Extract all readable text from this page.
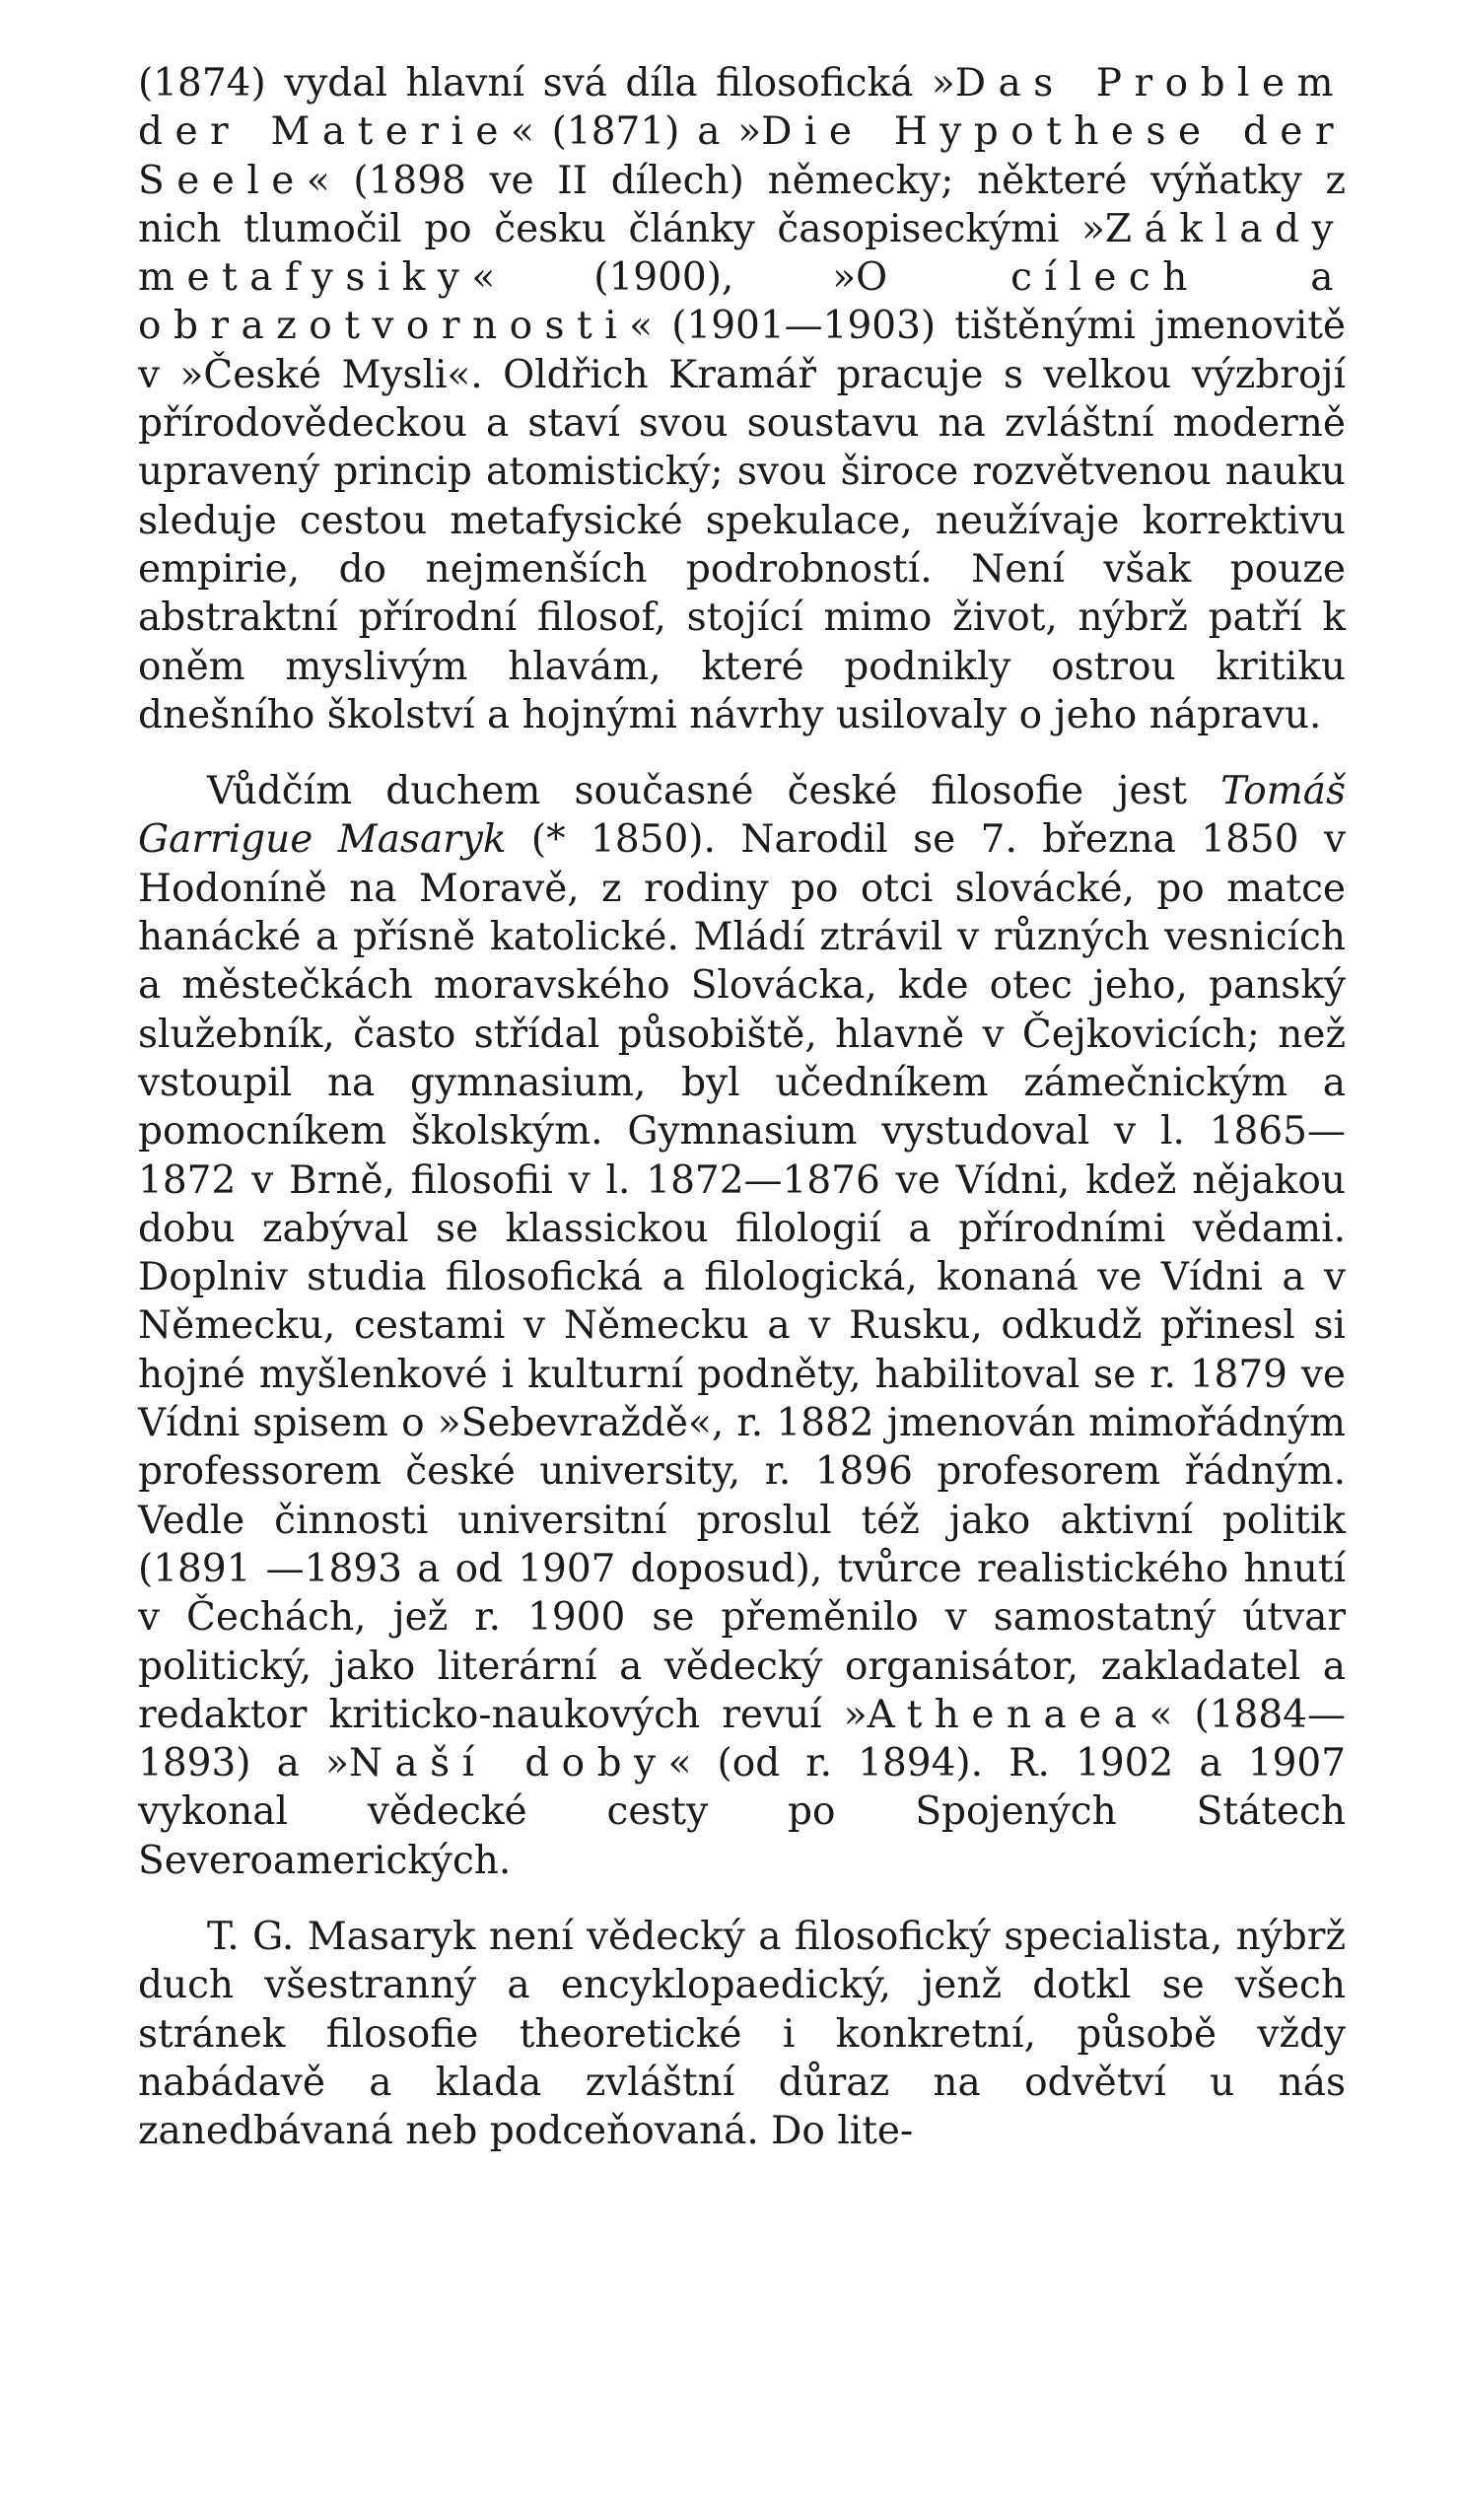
(1874) vydal hlavní svá díla filosofická »Das Problem der Materie« (1871) a »Die Hypothese der Seele« (1898 ve II dílech) německy; některé výňatky z nich tlumočil po česku články časopiseckými »Základy metafysiky« (1900), »O cílech a obrazotvornosti« (1901—1903) tištěnými jmenovitě v »České Mysli«. Oldřich Kramář pracuje s velkou výzbrojí přírodovědeckou a staví svou soustavu na zvláštní moderně upravený princip atomistický; svou široce rozvětvenou nauku sleduje cestou metafysické spekulace, neužívaje korrektivu empirie, do nejmenších podrobností. Není však pouze abstraktní přírodní filosof, stojící mimo život, nýbrž patří k oněm myslivým hlavám, které podnikly ostrou kritiku dnešního školství a hojnými návrhy usilovaly o jeho nápravu.

Vůdčím duchem současné české filosofie jest Tomáš Garrigue Masaryk (* 1850). Narodil se 7. března 1850 v Hodoníně na Moravě, z rodiny po otci slovácké, po matce hanácké a přísně katolické. Mládí ztrávil v různých vesnicích a městečkách moravského Slovácka, kde otec jeho, panský služebník, často střídal působiště, hlavně v Čejkovicích; než vstoupil na gymnasium, byl učedníkem zámečnickým a pomocníkem školským. Gymnasium vystudoval v l. 1865—1872 v Brně, filosofii v l. 1872—1876 ve Vídni, kdež nějakou dobu zabýval se klassickou filologií a přírodními vědami. Doplniv studia filosofická a filologická, konaná ve Vídni a v Německu, cestami v Německu a v Rusku, odkudž přinesl si hojné myšlenkové i kulturní podněty, habilitoval se r. 1879 ve Vídni spisem o »Sebevraždě«, r. 1882 jmenován mimořádným professorem české university, r. 1896 profesorem řádným. Vedle činnosti universitní proslul též jako aktivní politik (1891 —1893 a od 1907 doposud), tvůrce realistického hnutí v Čechách, jež r. 1900 se přeměnilo v samostatný útvar politický, jako literární a vědecký organisátor, zakladatel a redaktor kriticko-naukových revuí »Athenaea« (1884—1893) a »Naší doby« (od r. 1894). R. 1902 a 1907 vykonal vědecké cesty po Spojených Státech Severoamerických.

T. G. Masaryk není vědecký a filosofický specialista, nýbrž duch všestranný a encyklopaedický, jenž dotkl se všech stránek filosofie theoretické i konkretní, působě vždy nabádavě a klada zvláštní důraz na odvětví u nás zanedbávaná neb podceňovaná. Do lite-
